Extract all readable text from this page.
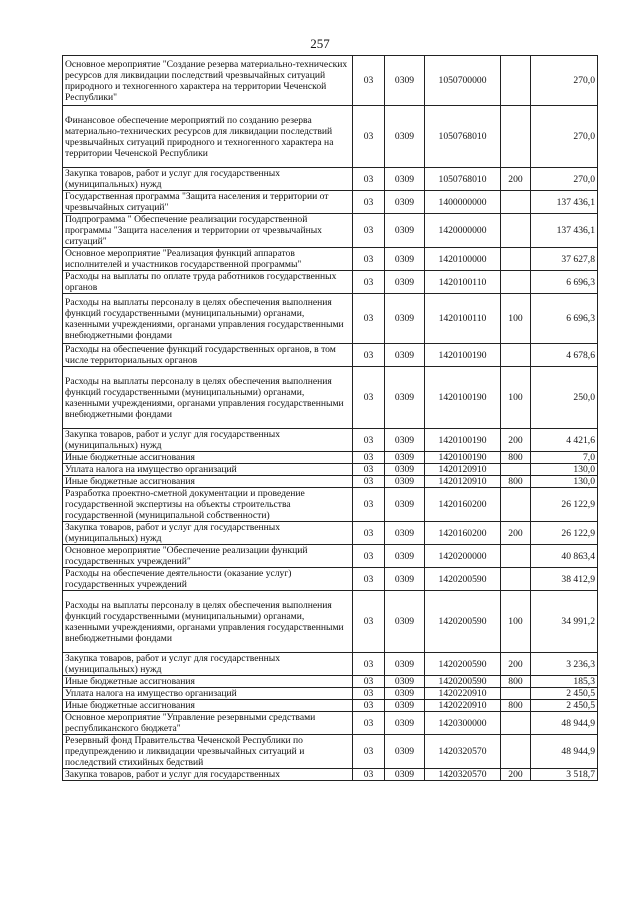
257
Основное мероприятие "Создание резерва материально-технических ресурсов для ликвидации последствий чрезвычайных ситуаций природного и техногенного характера на территории Чеченской Республики"	03	0309	1050700000		270,0
Финансовое обеспечение мероприятий по созданию резерва материально-технических ресурсов для ликвидации последствий чрезвычайных ситуаций природного и техногенного характера на территории Чеченской Республики	03	0309	1050768010		270,0
Закупка товаров, работ и услуг для государственных (муниципальных) нужд	03	0309	1050768010	200	270,0
Государственная программа "Защита населения и территории от чрезвычайных ситуаций"	03	0309	1400000000		137 436,1
Подпрограмма " Обеспечение реализации государственной программы "Защита населения и территории от чрезвычайных ситуаций"	03	0309	1420000000		137 436,1
Основное мероприятие "Реализация функций аппаратов исполнителей и участников государственной программы"	03	0309	1420100000		37 627,8
Расходы на выплаты по оплате труда работников государственных органов	03	0309	1420100110		6 696,3
Расходы на выплаты персоналу в целях обеспечения выполнения функций государственными (муниципальными) органами, казенными учреждениями, органами управления государственными внебюджетными фондами	03	0309	1420100110	100	6 696,3
Расходы на обеспечение функций государственных органов, в том числе территориальных органов	03	0309	1420100190		4 678,6
Расходы на выплаты персоналу в целях обеспечения выполнения функций государственными (муниципальными) органами, казенными учреждениями, органами управления государственными внебюджетными фондами	03	0309	1420100190	100	250,0
Закупка товаров, работ и услуг для государственных (муниципальных) нужд	03	0309	1420100190	200	4 421,6
Иные бюджетные ассигнования	03	0309	1420100190	800	7,0
Уплата налога на имущество организаций	03	0309	1420120910		130,0
Иные бюджетные ассигнования	03	0309	1420120910	800	130,0
Разработка проектно-сметной документации и проведение государственной экспертизы на объекты строительства государственной (муниципальной собственности)	03	0309	1420160200		26 122,9
Закупка товаров, работ и услуг для государственных (муниципальных) нужд	03	0309	1420160200	200	26 122,9
Основное мероприятие "Обеспечение реализации функций государственных учреждений"	03	0309	1420200000		40 863,4
Расходы на обеспечение деятельности (оказание услуг) государственных учреждений	03	0309	1420200590		38 412,9
Расходы на выплаты персоналу в целях обеспечения выполнения функций государственными (муниципальными) органами, казенными учреждениями, органами управления государственными внебюджетными фондами	03	0309	1420200590	100	34 991,2
Закупка товаров, работ и услуг для государственных (муниципальных) нужд	03	0309	1420200590	200	3 236,3
Иные бюджетные ассигнования	03	0309	1420200590	800	185,3
Уплата налога на имущество организаций	03	0309	1420220910		2 450,5
Иные бюджетные ассигнования	03	0309	1420220910	800	2 450,5
Основное мероприятие "Управление резервными средствами республиканского бюджета"	03	0309	1420300000		48 944,9
Резервный фонд Правительства Чеченской Республики по предупреждению и ликвидации чрезвычайных ситуаций и последствий стихийных бедствий	03	0309	1420320570		48 944,9
Закупка товаров, работ и услуг для государственных	03	0309	1420320570	200	3 518,7
